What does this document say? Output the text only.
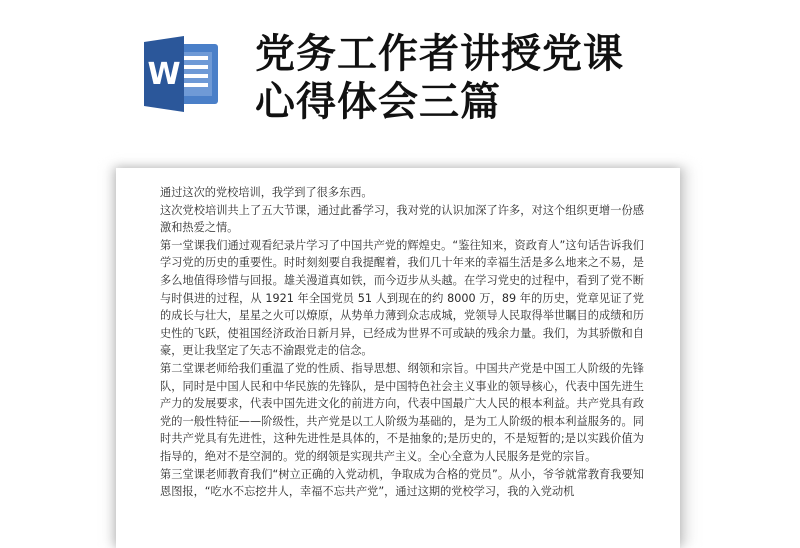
W 党务工作者讲授党课
心得体会三篇

通过这次的党校培训，我学到了很多东西。

这次党校培训共上了五大节课，通过此番学习，我对党的认识加深了许多，对这个组织更增一份感激和热爱之情。

第一堂课我们通过观看纪录片学习了中国共产党的辉煌史。“鉴往知来，资政育人”这句话告诉我们学习党的历史的重要性。时时刻刻要自我提醒着，我们几十年来的幸福生活是多么地来之不易，是多么地值得珍惜与回报。雄关漫道真如铁，而今迈步从头越。在学习党史的过程中，看到了党不断与时俱进的过程，从 1921 年全国党员 51 人到现在的约 8000 万，89 年的历史，党章见证了党的成长与壮大，星星之火可以燎原，从势单力薄到众志成城，党领导人民取得举世瞩目的成绩和历史性的飞跃，使祖国经济政治日新月异，已经成为世界不可或缺的残余力量。我们，为其骄傲和自豪，更让我坚定了矢志不渝跟党走的信念。

第二堂课老师给我们重温了党的性质、指导思想、纲领和宗旨。中国共产党是中国工人阶级的先锋队，同时是中国人民和中华民族的先锋队，是中国特色社会主义事业的领导核心，代表中国先进生产力的发展要求，代表中国先进文化的前进方向，代表中国最广大人民的根本利益。共产党具有政党的一般性特征——阶级性，共产党是以工人阶级为基础的，是为工人阶级的根本利益服务的。同时共产党具有先进性，这种先进性是具体的，不是抽象的;是历史的，不是短暂的;是以实践价值为指导的，绝对不是空洞的。党的纲领是实现共产主义。全心全意为人民服务是党的宗旨。

第三堂课老师教育我们“树立正确的入党动机，争取成为合格的党员”。从小，爷爷就常教育我要知恩图报，“吃水不忘挖井人，幸福不忘共产党”，通过这期的党校学习，我的入党动机
